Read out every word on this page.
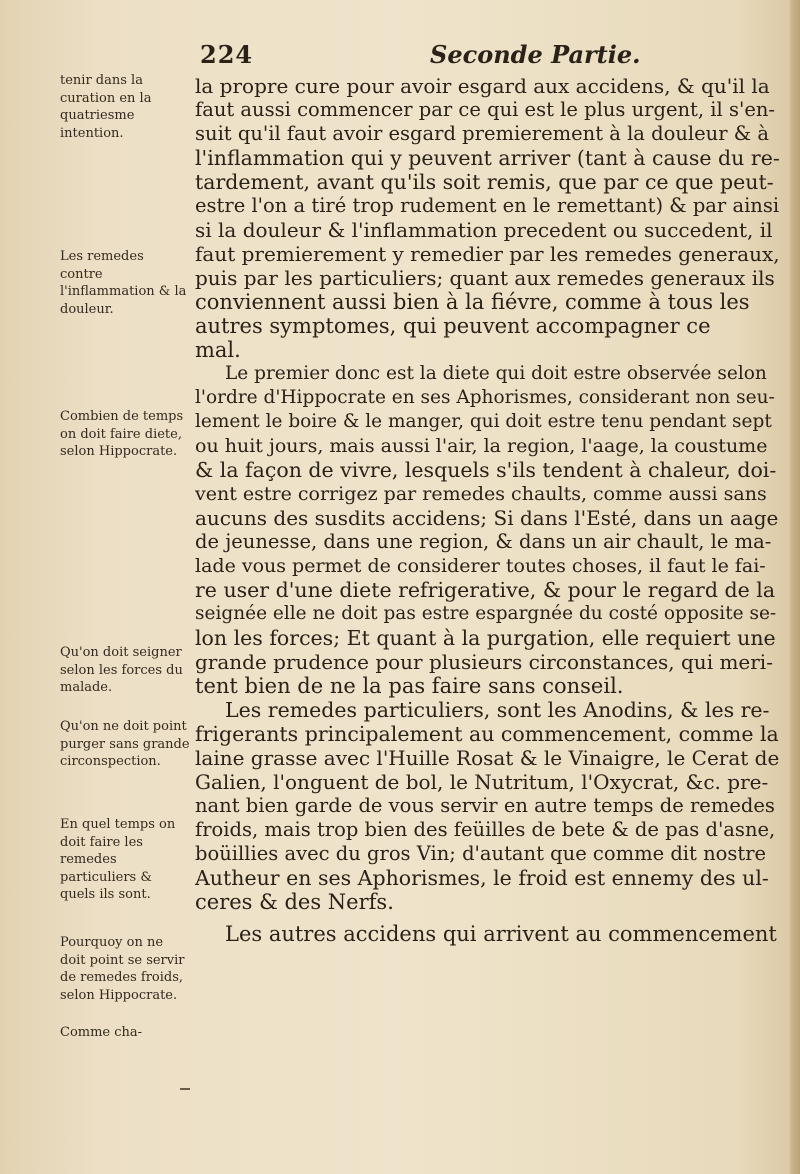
224	Seconde Partie.
tenir dans la curation en la quatriesme intention.
Les remedes contre l'inflammation & la douleur.
Combien de temps on doit faire diete, selon Hippocrate.
Qu'on doit seigner selon les forces du malade.
Qu'on ne doit point purger sans grande circonspection.
En quel temps on doit faire les remedes particuliers & quels ils sont.
Pourquoy on ne doit point se servir de remedes froids, selon Hippocrate.
Comme cha-
la propre cure pour avoir esgard aux accidens, & qu'il la
faut aussi commencer par ce qui est le plus urgent, il s'en-
suit qu'il faut avoir esgard premierement à la douleur & à
l'inflammation qui y peuvent arriver (tant à cause du re-
tardement, avant qu'ils soit remis, que par ce que peut-
estre l'on a tiré trop rudement en le remettant) & par ainsi
si la douleur & l'inflammation precedent ou succedent, il
faut premierement y remedier par les remedes generaux,
puis par les particuliers; quant aux remedes generaux ils
conviennent aussi bien à la fiévre, comme à tous les
autres symptomes, qui peuvent accompagner ce
mal.
Le premier donc est la diete qui doit estre observée selon
l'ordre d'Hippocrate en ses Aphorismes, considerant non seu-
lement le boire & le manger, qui doit estre tenu pendant sept
ou huit jours, mais aussi l'air, la region, l'aage, la coustume
& la façon de vivre, lesquels s'ils tendent à chaleur, doi-
vent estre corrigez par remedes chaults, comme aussi sans
aucuns des susdits accidens; Si dans l'Esté, dans un aage
de jeunesse, dans une region, & dans un air chault, le ma-
lade vous permet de considerer toutes choses, il faut le fai-
re user d'une diete refrigerative, & pour le regard de la
seignée elle ne doit pas estre espargnée du costé opposite se-
lon les forces; Et quant à la purgation, elle requiert une
grande prudence pour plusieurs circonstances, qui meri-
tent bien de ne la pas faire sans conseil.
Les remedes particuliers, sont les Anodins, & les re-
frigerants principalement au commencement, comme la
laine grasse avec l'Huille Rosat & le Vinaigre, le Cerat de
Galien, l'onguent de bol, le Nutritum, l'Oxycrat, &c. pre-
nant bien garde de vous servir en autre temps de remedes
froids, mais trop bien des feüilles de bete & de pas d'asne,
boüillies avec du gros Vin; d'autant que comme dit nostre
Autheur en ses Aphorismes, le froid est ennemy des ul-
ceres & des Nerfs.
Les autres accidens qui arrivent au commencement
